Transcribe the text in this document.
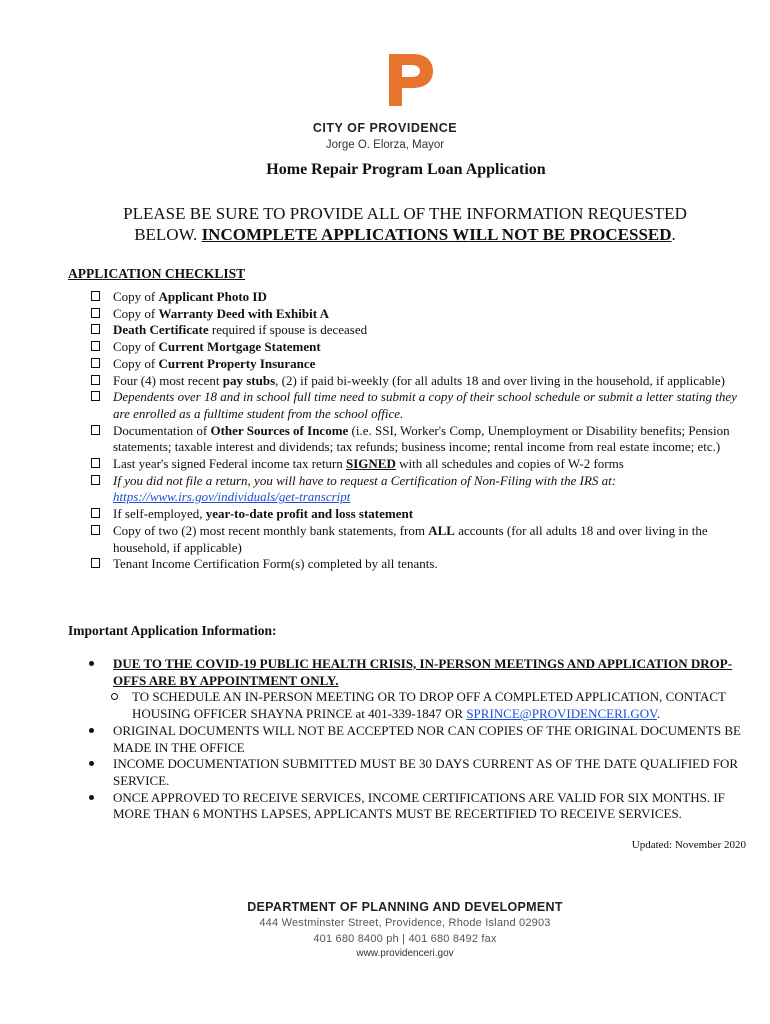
CITY OF PROVIDENCE
Jorge O. Elorza, Mayor
Home Repair Program Loan Application
PLEASE BE SURE TO PROVIDE ALL OF THE INFORMATION REQUESTED
BELOW. INCOMPLETE APPLICATIONS WILL NOT BE PROCESSED.
APPLICATION CHECKLIST
Copy of Applicant Photo ID
Copy of Warranty Deed with Exhibit A
Death Certificate required if spouse is deceased
Copy of Current Mortgage Statement
Copy of Current Property Insurance
Four (4) most recent pay stubs, (2) if paid bi-weekly (for all adults 18 and over living in the household, if applicable)
Dependents over 18 and in school full time need to submit a copy of their school schedule or submit a letter stating they are enrolled as a fulltime student from the school office.
Documentation of Other Sources of Income (i.e. SSI, Worker's Comp, Unemployment or Disability benefits; Pension statements; taxable interest and dividends; tax refunds; business income; rental income from real estate income; etc.)
Last year's signed Federal income tax return SIGNED with all schedules and copies of W-2 forms
If you did not file a return, you will have to request a Certification of Non-Filing with the IRS at: https://www.irs.gov/individuals/get-transcript
If self-employed, year-to-date profit and loss statement
Copy of two (2) most recent monthly bank statements, from ALL accounts (for all adults 18 and over living in the household, if applicable)
Tenant Income Certification Form(s) completed by all tenants.
Important Application Information:
DUE TO THE COVID-19 PUBLIC HEALTH CRISIS, IN-PERSON MEETINGS AND APPLICATION DROP-OFFS ARE BY APPOINTMENT ONLY.
TO SCHEDULE AN IN-PERSON MEETING OR TO DROP OFF A COMPLETED APPLICATION, CONTACT HOUSING OFFICER SHAYNA PRINCE at 401-339-1847 OR SPRINCE@PROVIDENCERI.GOV.
ORIGINAL DOCUMENTS WILL NOT BE ACCEPTED NOR CAN COPIES OF THE ORIGINAL DOCUMENTS BE MADE IN THE OFFICE
INCOME DOCUMENTATION SUBMITTED MUST BE 30 DAYS CURRENT AS OF THE DATE QUALIFIED FOR SERVICE.
ONCE APPROVED TO RECEIVE SERVICES, INCOME CERTIFICATIONS ARE VALID FOR SIX MONTHS. IF MORE THAN 6 MONTHS LAPSES, APPLICANTS MUST BE RECERTIFIED TO RECEIVE SERVICES.
Updated: November 2020
DEPARTMENT OF PLANNING AND DEVELOPMENT
444 Westminster Street, Providence, Rhode Island 02903
401 680 8400 ph | 401 680 8492 fax
www.providenceri.gov
